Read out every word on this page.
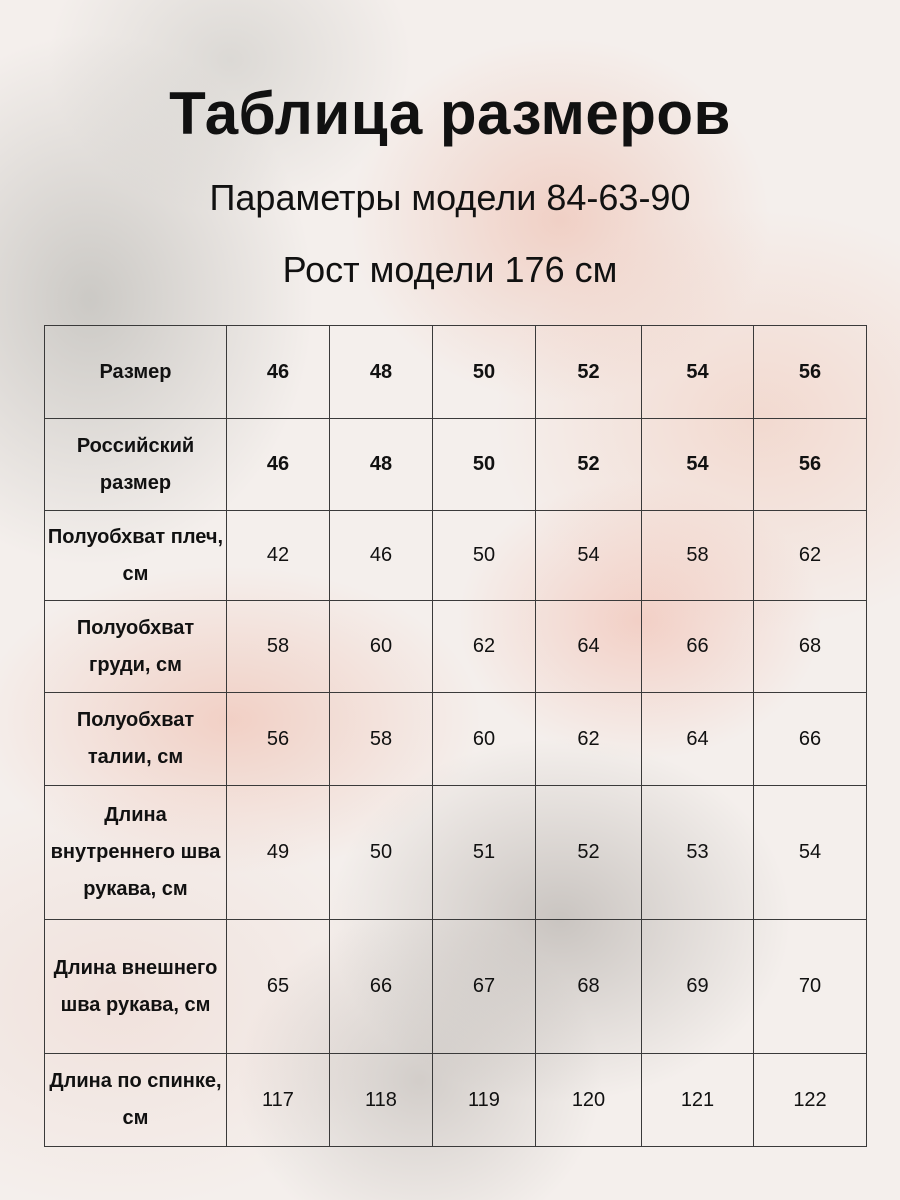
Таблица размеров
Параметры модели 84-63-90
Рост модели 176 см
Размер	46	48	50	52	54	56
Российский размер	46	48	50	52	54	56
Полуобхват плеч, см	42	46	50	54	58	62
Полуобхват груди, см	58	60	62	64	66	68
Полуобхват талии, см	56	58	60	62	64	66
Длина внутреннего шва рукава, см	49	50	51	52	53	54
Длина внешнего шва рукава, см	65	66	67	68	69	70
Длина по спинке, см	117	118	119	120	121	122
